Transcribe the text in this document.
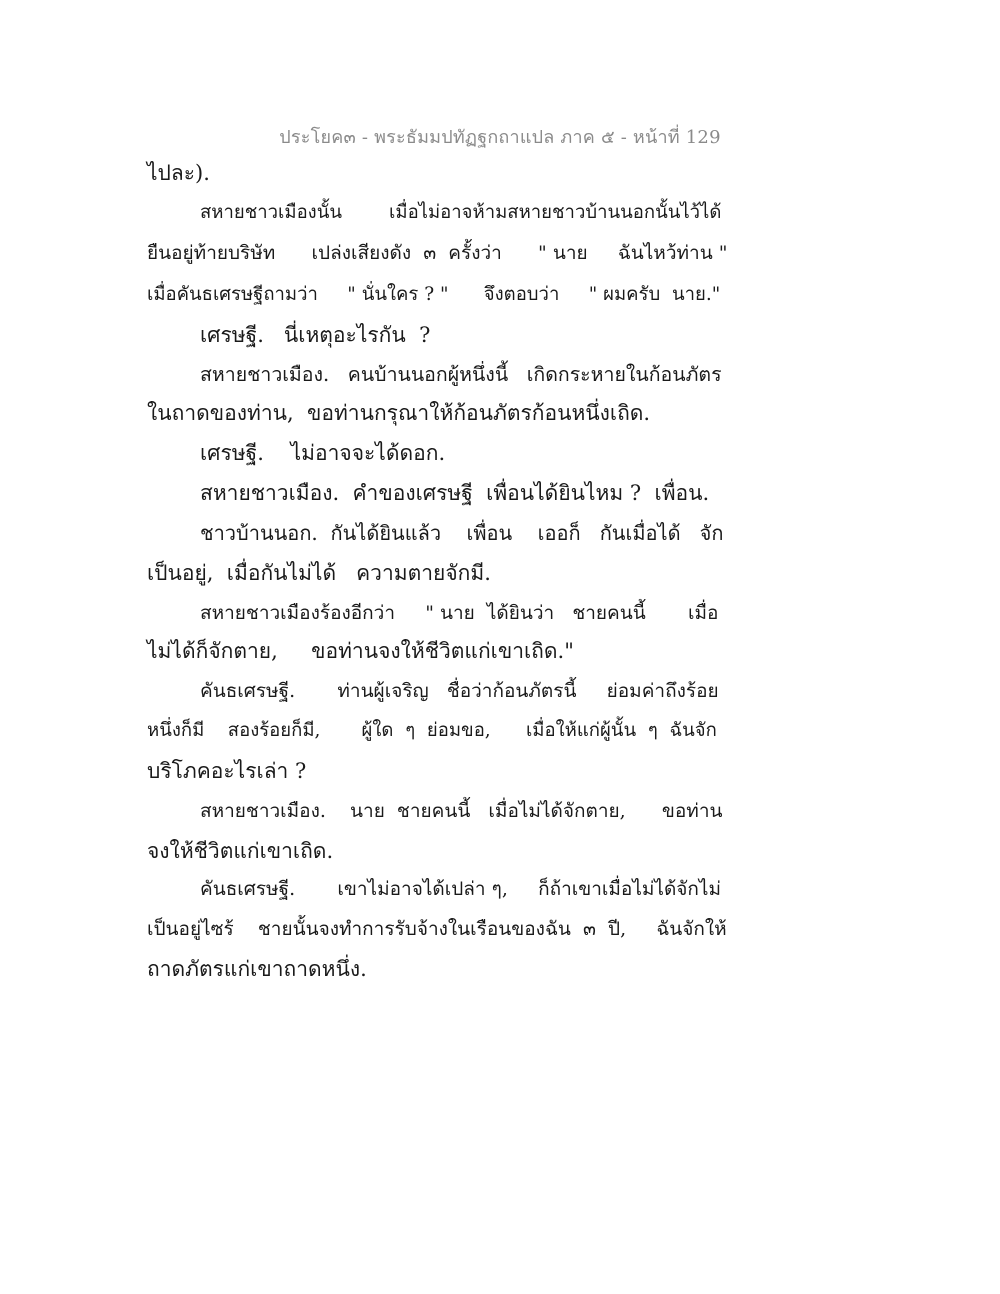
ประโยค๓ - พระธัมมปทัฏฐกถาแปล ภาค ๕ - หน้าที่ 129
ไปละ).
สหายชาวเมืองนั้น        เมื่อไม่อาจห้ามสหายชาวบ้านนอกนั้นไว้ได้
ยืนอยู่ท้ายบริษัท      เปล่งเสียงดัง  ๓  ครั้งว่า      " นาย     ฉันไหว้ท่าน "
เมื่อคันธเศรษฐีถามว่า     " นั่นใคร ? "      จึงตอบว่า     " ผมครับ  นาย."
เศรษฐี.   นี่เหตุอะไรกัน  ?
สหายชาวเมือง.   คนบ้านนอกผู้หนึ่งนี้   เกิดกระหายในก้อนภัตร
ในถาดของท่าน,  ขอท่านกรุณาให้ก้อนภัตรก้อนหนึ่งเถิด.
เศรษฐี.    ไม่อาจจะได้ดอก.
สหายชาวเมือง.  คำของเศรษฐี  เพื่อนได้ยินไหม ?  เพื่อน.
ชาวบ้านนอก.  กันได้ยินแล้ว    เพื่อน    เออก็   กันเมื่อได้   จัก
เป็นอยู่,  เมื่อกันไม่ได้   ความตายจักมี.
สหายชาวเมืองร้องอีกว่า     " นาย  ได้ยินว่า   ชายคนนี้       เมื่อ
ไม่ได้ก็จักตาย,     ขอท่านจงให้ชีวิตแก่เขาเถิด."
คันธเศรษฐี.       ท่านผู้เจริญ   ชื่อว่าก้อนภัตรนี้     ย่อมค่าถึงร้อย
หนึ่งก็มี    สองร้อยก็มี,       ผู้ใด  ๆ  ย่อมขอ,      เมื่อให้แก่ผู้นั้น  ๆ  ฉันจัก
บริโภคอะไรเล่า ?
สหายชาวเมือง.    นาย  ชายคนนี้   เมื่อไม่ได้จักตาย,      ขอท่าน
จงให้ชีวิตแก่เขาเถิด.
คันธเศรษฐี.       เขาไม่อาจได้เปล่า ๆ,     ก็ถ้าเขาเมื่อไม่ได้จักไม่
เป็นอยู่ไซร้    ชายนั้นจงทำการรับจ้างในเรือนของฉัน  ๓  ปี,     ฉันจักให้
ถาดภัตรแก่เขาถาดหนึ่ง.
